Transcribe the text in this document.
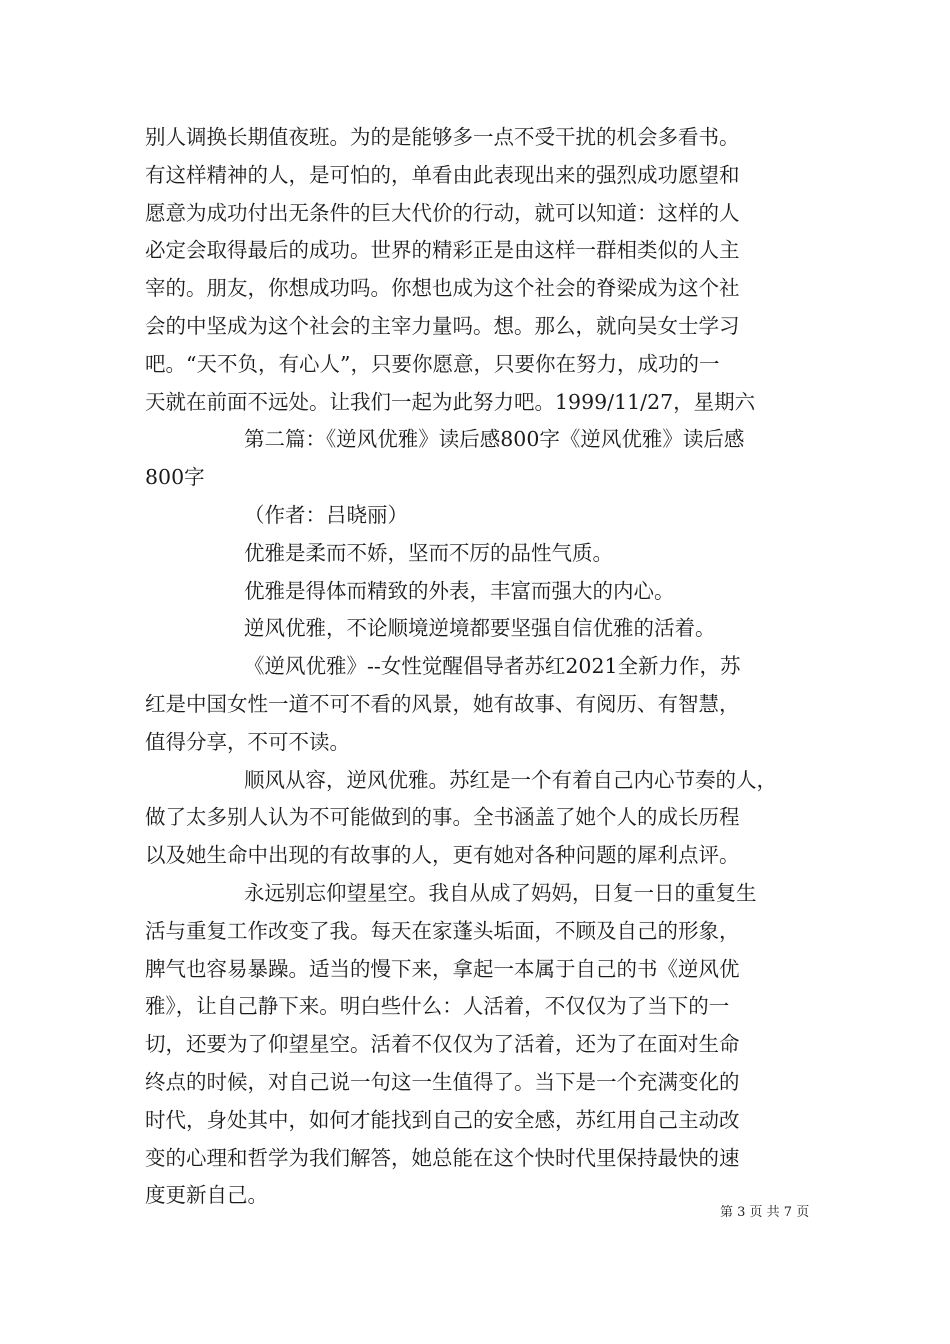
别人调换长期值夜班。为的是能够多一点不受干扰的机会多看书。
有这样精神的人，是可怕的，单看由此表现出来的强烈成功愿望和
愿意为成功付出无条件的巨大代价的行动，就可以知道：这样的人
必定会取得最后的成功。世界的精彩正是由这样一群相类似的人主
宰的。朋友，你想成功吗。你想也成为这个社会的脊梁成为这个社
会的中坚成为这个社会的主宰力量吗。想。那么，就向吴女士学习
吧。“天不负，有心人”，只要你愿意，只要你在努力，成功的一
天就在前面不远处。让我们一起为此努力吧。1999/11/27，星期六
第二篇：《逆风优雅》读后感800字《逆风优雅》读后感
800字
（作者：吕晓丽）
优雅是柔而不娇，坚而不厉的品性气质。
优雅是得体而精致的外表，丰富而强大的内心。
逆风优雅，不论顺境逆境都要坚强自信优雅的活着。
《逆风优雅》--女性觉醒倡导者苏红2021全新力作，苏
红是中国女性一道不可不看的风景，她有故事、有阅历、有智慧，
值得分享，不可不读。
顺风从容，逆风优雅。苏红是一个有着自己内心节奏的人，
做了太多别人认为不可能做到的事。全书涵盖了她个人的成长历程
以及她生命中出现的有故事的人，更有她对各种问题的犀利点评。
永远别忘仰望星空。我自从成了妈妈，日复一日的重复生
活与重复工作改变了我。每天在家蓬头垢面，不顾及自己的形象，
脾气也容易暴躁。适当的慢下来，拿起一本属于自己的书《逆风优
雅》，让自己静下来。明白些什么：人活着，不仅仅为了当下的一
切，还要为了仰望星空。活着不仅仅为了活着，还为了在面对生命
终点的时候，对自己说一句这一生值得了。当下是一个充满变化的
时代，身处其中，如何才能找到自己的安全感，苏红用自己主动改
变的心理和哲学为我们解答，她总能在这个快时代里保持最快的速
度更新自己。
第 3 页 共 7 页
